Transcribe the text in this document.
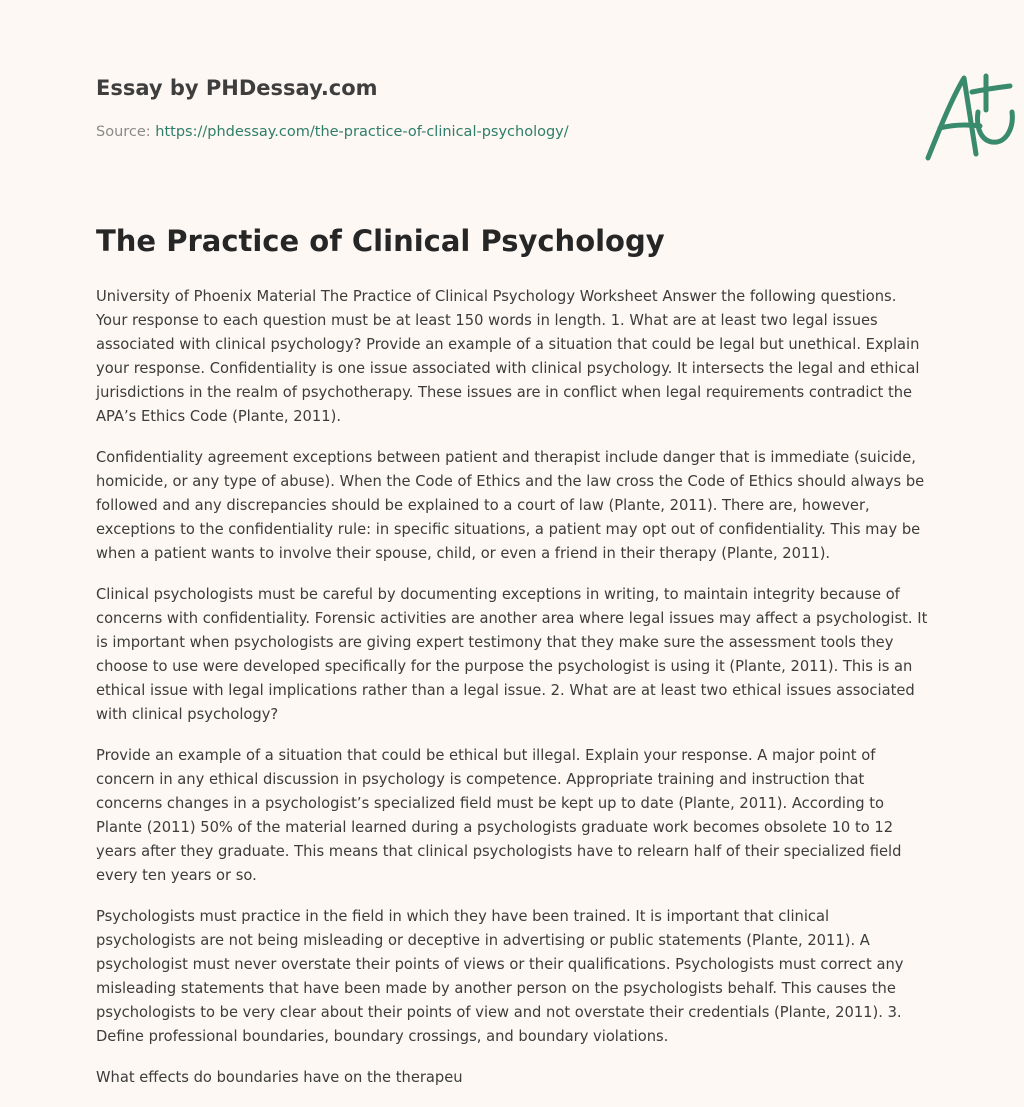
Essay by PHDessay.com
Source: https://phdessay.com/the-practice-of-clinical-psychology/
The Practice of Clinical Psychology

University of Phoenix Material The Practice of Clinical Psychology Worksheet Answer the following questions. Your response to each question must be at least 150 words in length. 1. What are at least two legal issues associated with clinical psychology? Provide an example of a situation that could be legal but unethical. Explain your response. Confidentiality is one issue associated with clinical psychology. It intersects the legal and ethical jurisdictions in the realm of psychotherapy. These issues are in conflict when legal requirements contradict the APA’s Ethics Code (Plante, 2011).

Confidentiality agreement exceptions between patient and therapist include danger that is immediate (suicide, homicide, or any type of abuse). When the Code of Ethics and the law cross the Code of Ethics should always be followed and any discrepancies should be explained to a court of law (Plante, 2011). There are, however, exceptions to the confidentiality rule: in specific situations, a patient may opt out of confidentiality. This may be when a patient wants to involve their spouse, child, or even a friend in their therapy (Plante, 2011).

Clinical psychologists must be careful by documenting exceptions in writing, to maintain integrity because of concerns with confidentiality. Forensic activities are another area where legal issues may affect a psychologist. It is important when psychologists are giving expert testimony that they make sure the assessment tools they choose to use were developed specifically for the purpose the psychologist is using it (Plante, 2011). This is an ethical issue with legal implications rather than a legal issue. 2. What are at least two ethical issues associated with clinical psychology?

Provide an example of a situation that could be ethical but illegal. Explain your response. A major point of concern in any ethical discussion in psychology is competence. Appropriate training and instruction that concerns changes in a psychologist’s specialized field must be kept up to date (Plante, 2011). According to Plante (2011) 50% of the material learned during a psychologists graduate work becomes obsolete 10 to 12 years after they graduate. This means that clinical psychologists have to relearn half of their specialized field every ten years or so.

Psychologists must practice in the field in which they have been trained. It is important that clinical psychologists are not being misleading or deceptive in advertising or public statements (Plante, 2011). A psychologist must never overstate their points of views or their qualifications. Psychologists must correct any misleading statements that have been made by another person on the psychologists behalf. This causes the psychologists to be very clear about their points of view and not overstate their credentials (Plante, 2011). 3. Define professional boundaries, boundary crossings, and boundary violations.

What effects do boundaries have on the therapeu
